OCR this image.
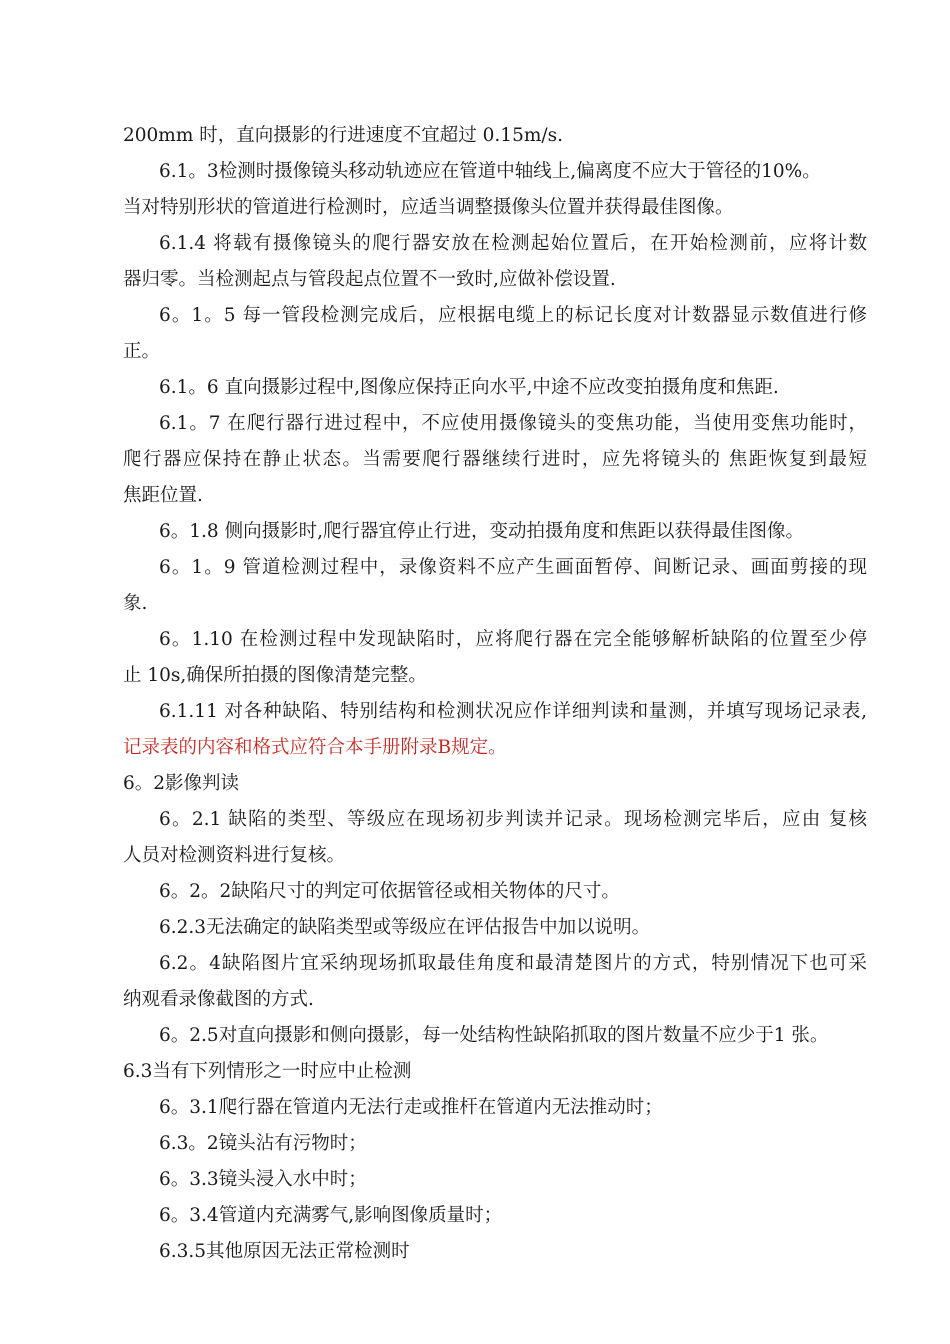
200mm 时，直向摄影的行进速度不宜超过 0.15m/s.
6.1。3检测时摄像镜头移动轨迹应在管道中轴线上,偏离度不应大于管径的10%。
当对特别形状的管道进行检测时，应适当调整摄像头位置并获得最佳图像。
6.1.4 将载有摄像镜头的爬行器安放在检测起始位置后，在开始检测前，应将计数
器归零。当检测起点与管段起点位置不一致时,应做补偿设置.
6。1。5 每一管段检测完成后，应根据电缆上的标记长度对计数器显示数值进行修
正。
6.1。6 直向摄影过程中,图像应保持正向水平,中途不应改变拍摄角度和焦距.
6.1。7 在爬行器行进过程中，不应使用摄像镜头的变焦功能，当使用变焦功能时，
爬行器应保持在静止状态。当需要爬行器继续行进时，应先将镜头的 焦距恢复到最短
焦距位置.
6。1.8 侧向摄影时,爬行器宜停止行进，变动拍摄角度和焦距以获得最佳图像。
6。1。9 管道检测过程中，录像资料不应产生画面暂停、间断记录、画面剪接的现
象.
6。1.10 在检测过程中发现缺陷时，应将爬行器在完全能够解析缺陷的位置至少停
止 10s,确保所拍摄的图像清楚完整。
6.1.11 对各种缺陷、特别结构和检测状况应作详细判读和量测，并填写现场记录表,
记录表的内容和格式应符合本手册附录B规定。
6。2影像判读
6。2.1 缺陷的类型、等级应在现场初步判读并记录。现场检测完毕后，应由 复核
人员对检测资料进行复核。
6。2。2缺陷尺寸的判定可依据管径或相关物体的尺寸。
6.2.3无法确定的缺陷类型或等级应在评估报告中加以说明。
6.2。4缺陷图片宜采纳现场抓取最佳角度和最清楚图片的方式，特别情况下也可采
纳观看录像截图的方式.
6。2.5对直向摄影和侧向摄影，每一处结构性缺陷抓取的图片数量不应少于1 张。
6.3当有下列情形之一时应中止检测
6。3.1爬行器在管道内无法行走或推杆在管道内无法推动时；
6.3。2镜头沾有污物时；
6。3.3镜头浸入水中时；
6。3.4管道内充满雾气,影响图像质量时；
6.3.5其他原因无法正常检测时
